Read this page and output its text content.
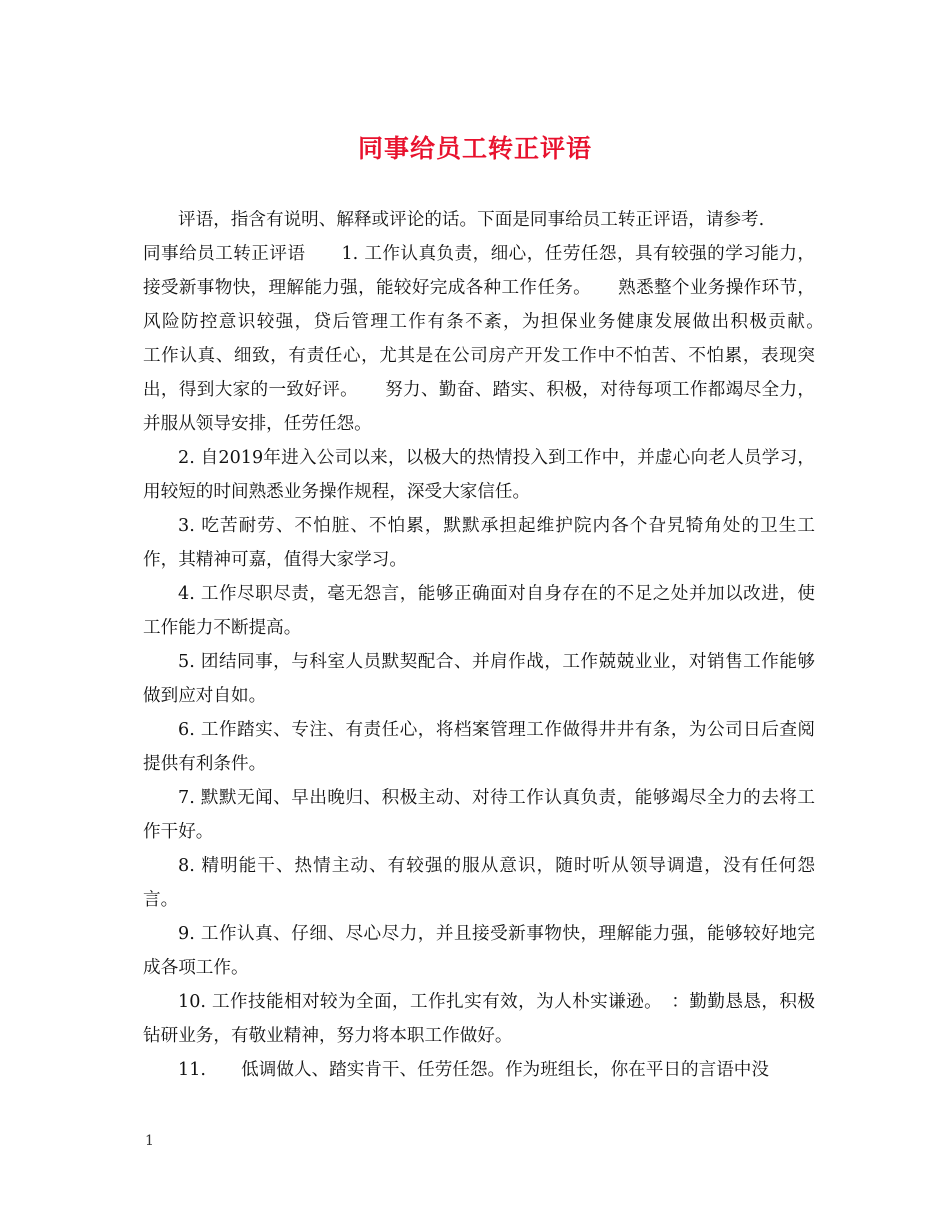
同事给员工转正评语

评语，指含有说明、解释或评论的话。下面是同事给员工转正评语，请参考.

同事给员工转正评语　　1. 工作认真负责，细心，任劳任怨，具有较强的学习能力，接受新事物快，理解能力强，能较好完成各种工作任务。　　熟悉整个业务操作环节，风险防控意识较强，贷后管理工作有条不紊，为担保业务健康发展做出积极贡献。　　工作认真、细致，有责任心，尤其是在公司房产开发工作中不怕苦、不怕累，表现突出，得到大家的一致好评。　　努力、勤奋、踏实、积极，对待每项工作都竭尽全力，并服从领导安排，任劳任怨。

2. 自2019年进入公司以来，以极大的热情投入到工作中，并虚心向老人员学习，用较短的时间熟悉业务操作规程，深受大家信任。

3. 吃苦耐劳、不怕脏、不怕累，默默承担起维护院内各个旮旯犄角处的卫生工作，其精神可嘉，值得大家学习。

4. 工作尽职尽责，毫无怨言，能够正确面对自身存在的不足之处并加以改进，使工作能力不断提高。

5. 团结同事，与科室人员默契配合、并肩作战，工作兢兢业业，对销售工作能够做到应对自如。

6. 工作踏实、专注、有责任心，将档案管理工作做得井井有条，为公司日后查阅提供有利条件。

7. 默默无闻、早出晚归、积极主动、对待工作认真负责，能够竭尽全力的去将工作干好。

8. 精明能干、热情主动、有较强的服从意识，随时听从领导调遣，没有任何怨言。

9. 工作认真、仔细、尽心尽力，并且接受新事物快，理解能力强，能够较好地完成各项工作。

10. 工作技能相对较为全面，工作扎实有效，为人朴实谦逊。　：勤勤恳恳，积极钻研业务，有敬业精神，努力将本职工作做好。

11.　　低调做人、踏实肯干、任劳任怨。作为班组长，你在平日的言语中没

1
